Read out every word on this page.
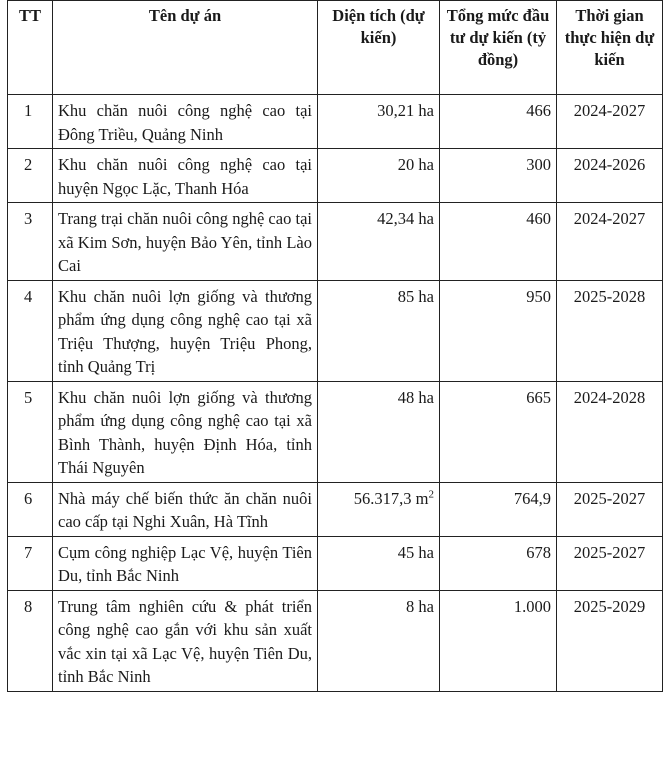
TT	Tên dự án	Diện tích (dự kiến)	Tổng mức đầu tư dự kiến (tỷ đồng)	Thời gian thực hiện dự kiến
1	Khu chăn nuôi công nghệ cao tại Đông Triều, Quảng Ninh	30,21 ha	466	2024-2027
2	Khu chăn nuôi công nghệ cao tại huyện Ngọc Lặc, Thanh Hóa	20 ha	300	2024-2026
3	Trang trại chăn nuôi công nghệ cao tại xã Kim Sơn, huyện Bảo Yên, tỉnh Lào Cai	42,34 ha	460	2024-2027
4	Khu chăn nuôi lợn giống và thương phẩm ứng dụng công nghệ cao tại xã Triệu Thượng, huyện Triệu Phong, tỉnh Quảng Trị	85 ha	950	2025-2028
5	Khu chăn nuôi lợn giống và thương phẩm ứng dụng công nghệ cao tại xã Bình Thành, huyện Định Hóa, tỉnh Thái Nguyên	48 ha	665	2024-2028
6	Nhà máy chế biến thức ăn chăn nuôi cao cấp tại Nghi Xuân, Hà Tĩnh	56.317,3 $m^2$	764,9	2025-2027
7	Cụm công nghiệp Lạc Vệ, huyện Tiên Du, tỉnh Bắc Ninh	45 ha	678	2025-2027
8	Trung tâm nghiên cứu & phát triển công nghệ cao gắn với khu sản xuất vắc xin tại xã Lạc Vệ, huyện Tiên Du, tỉnh Bắc Ninh	8 ha	1.000	2025-2029
